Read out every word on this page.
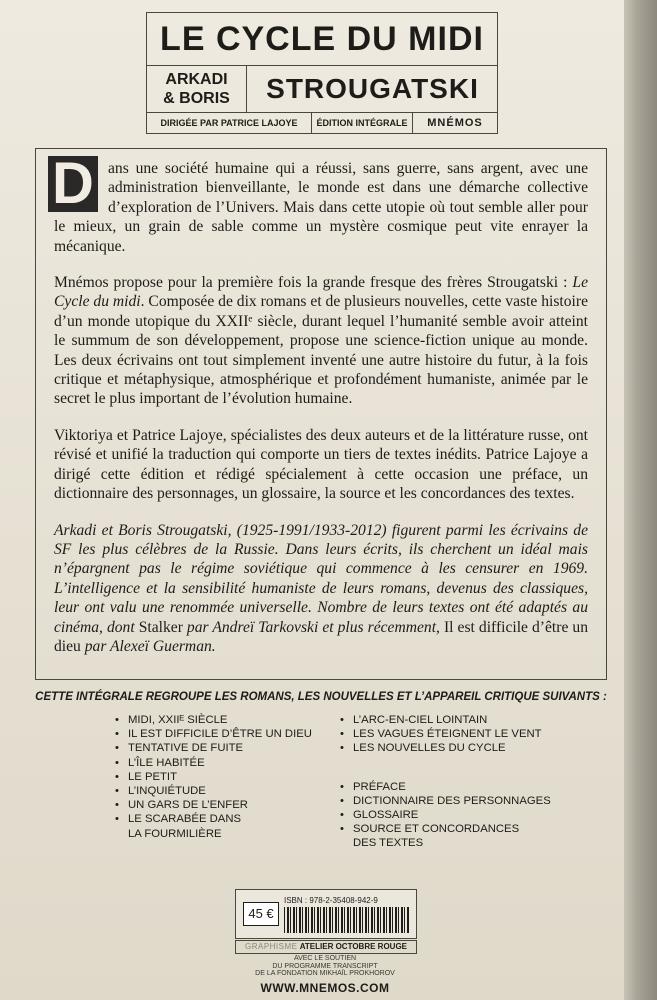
LE CYCLE DU MIDI
ARKADI
& BORIS	STROUGATSKI
DIRIGÉE PAR PATRICE LAJOYE	ÉDITION INTÉGRALE	MNÉMOS

D ans une société humaine qui a réussi, sans guerre, sans argent, avec une administration bienveillante, le monde est dans une démarche collective d’exploration de l’Univers. Mais dans cette utopie où tout semble aller pour le mieux, un grain de sable comme un mystère cosmique peut vite enrayer la mécanique.

Mnémos propose pour la première fois la grande fresque des frères Strougatski : Le Cycle du midi. Composée de dix romans et de plusieurs nouvelles, cette vaste histoire d’un monde utopique du XXIIᵉ siècle, durant lequel l’humanité semble avoir atteint le summum de son développement, propose une science-fiction unique au monde. Les deux écrivains ont tout simplement inventé une autre histoire du futur, à la fois critique et métaphysique, atmosphérique et profondément humaniste, animée par le secret le plus important de l’évolution humaine.

Viktoriya et Patrice Lajoye, spécialistes des deux auteurs et de la littérature russe, ont révisé et unifié la traduction qui comporte un tiers de textes inédits. Patrice Lajoye a dirigé cette édition et rédigé spécialement à cette occasion une préface, un dictionnaire des personnages, un glossaire, la source et les concordances des textes.

Arkadi et Boris Strougatski, (1925-1991/1933-2012) figurent parmi les écrivains de SF les plus célèbres de la Russie. Dans leurs écrits, ils cherchent un idéal mais n’épargnent pas le régime soviétique qui commence à les censurer en 1969. L’intelligence et la sensibilité humaniste de leurs romans, devenus des classiques, leur ont valu une renommée universelle. Nombre de leurs textes ont été adaptés au cinéma, dont Stalker par Andreï Tarkovski et plus récemment, Il est difficile d’être un dieu par Alexeï Guerman.

CETTE INTÉGRALE REGROUPE LES ROMANS, LES NOUVELLES ET L’APPAREIL CRITIQUE SUIVANTS :
• MIDI, XXIIᴱ SIÈCLE
• IL EST DIFFICILE D’ÊTRE UN DIEU
• TENTATIVE DE FUITE
• L’ÎLE HABITÉE
• LE PETIT
• L’INQUIÉTUDE
• UN GARS DE L’ENFER
• LE SCARABÉE DANS
LA FOURMILIÈRE
• L’ARC-EN-CIEL LOINTAIN
• LES VAGUES ÉTEIGNENT LE VENT
• LES NOUVELLES DU CYCLE
• PRÉFACE
• DICTIONNAIRE DES PERSONNAGES
• GLOSSAIRE
• SOURCE ET CONCORDANCES
DES TEXTES
45 €
ISBN : 978-2-35408-942-9
GRAPHISME ATELIER OCTOBRE ROUGE
AVEC LE SOUTIEN
DU PROGRAMME TRANSCRIPT
DE LA FONDATION MIKHAÏL PROKHOROV
WWW.MNEMOS.COM
